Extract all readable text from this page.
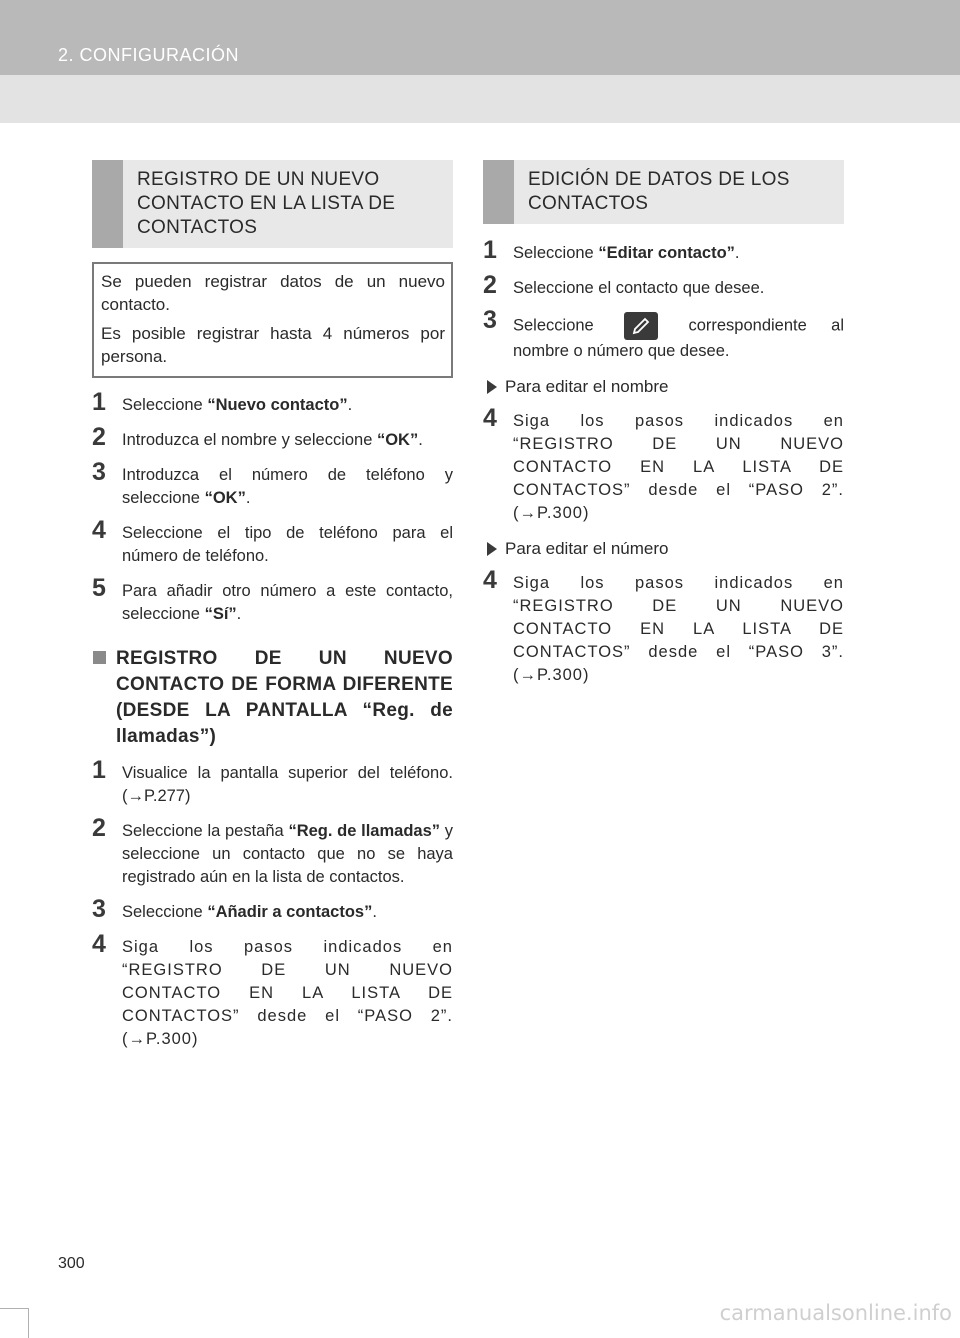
2. CONFIGURACIÓN
REGISTRO DE UN NUEVO CONTACTO EN LA LISTA DE CONTACTOS

Se pueden registrar datos de un nuevo contacto.

Es posible registrar hasta 4 números por persona.

1 Seleccione “Nuevo contacto”.
2 Introduzca el nombre y seleccione “OK”.
3 Introduzca el número de teléfono y seleccione “OK”.
4 Seleccione el tipo de teléfono para el número de teléfono.
5 Para añadir otro número a este contacto, seleccione “Sí”.
REGISTRO DE UN NUEVO CONTACTO DE FORMA DIFERENTE (DESDE LA PANTALLA “Reg. de llamadas”)
1 Visualice la pantalla superior del teléfono. (→P.277)
2 Seleccione la pestaña “Reg. de llamadas” y seleccione un contacto que no se haya registrado aún en la lista de contactos.
3 Seleccione “Añadir a contactos”.
4 Siga los pasos indicados en “REGISTRO DE UN NUEVO CONTACTO EN LA LISTA DE CONTACTOS” desde el “PASO 2”. (→P.300)
EDICIÓN DE DATOS DE LOS CONTACTOS
1 Seleccione “Editar contacto”.
2 Seleccione el contacto que desee.
3 Seleccione	correspondiente al nombre o número que desee.
Para editar el nombre
4 Siga los pasos indicados en “REGISTRO DE UN NUEVO CONTACTO EN LA LISTA DE CONTACTOS” desde el “PASO 2”. (→P.300)
Para editar el número
4 Siga los pasos indicados en “REGISTRO DE UN NUEVO CONTACTO EN LA LISTA DE CONTACTOS” desde el “PASO 3”. (→P.300)
300
carmanualsonline.info
